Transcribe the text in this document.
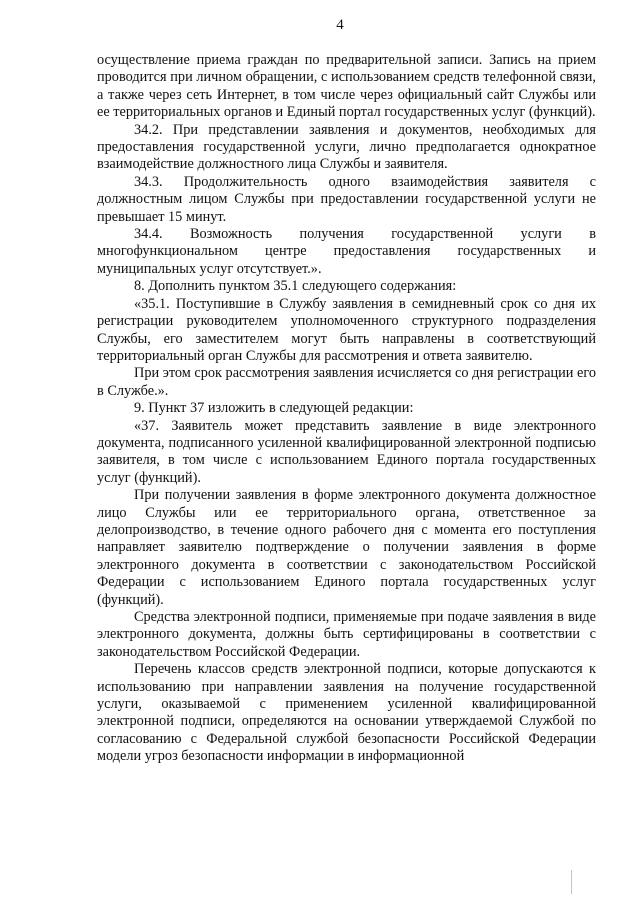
4

осуществление приема граждан по предварительной записи. Запись на прием проводится при личном обращении, с использованием средств телефонной связи, а также через сеть Интернет, в том числе через официальный сайт Службы или ее территориальных органов и Единый портал государственных услуг (функций).

34.2. При представлении заявления и документов, необходимых для предоставления государственной услуги, лично предполагается однократное взаимодействие должностного лица Службы и заявителя.

34.3. Продолжительность одного взаимодействия заявителя с должностным лицом Службы при предоставлении государственной услуги не превышает 15 минут.

34.4. Возможность получения государственной услуги в многофункциональном центре предоставления государственных и муниципальных услуг отсутствует.».

8. Дополнить пунктом 35.1 следующего содержания:

«35.1. Поступившие в Службу заявления в семидневный срок со дня их регистрации руководителем уполномоченного структурного подразделения Службы, его заместителем могут быть направлены в соответствующий территориальный орган Службы для рассмотрения и ответа заявителю.

При этом срок рассмотрения заявления исчисляется со дня регистрации его в Службе.».

9. Пункт 37 изложить в следующей редакции:

«37. Заявитель может представить заявление в виде электронного документа, подписанного усиленной квалифицированной электронной подписью заявителя, в том числе с использованием Единого портала государственных услуг (функций).

При получении заявления в форме электронного документа должностное лицо Службы или ее территориального органа, ответственное за делопроизводство, в течение одного рабочего дня с момента его поступления направляет заявителю подтверждение о получении заявления в форме электронного документа в соответствии с законодательством Российской Федерации с использованием Единого портала государственных услуг (функций).

Средства электронной подписи, применяемые при подаче заявления в виде электронного документа, должны быть сертифицированы в соответствии с законодательством Российской Федерации.

Перечень классов средств электронной подписи, которые допускаются к использованию при направлении заявления на получение государственной услуги, оказываемой с применением усиленной квалифицированной электронной подписи, определяются на основании утверждаемой Службой по согласованию с Федеральной службой безопасности Российской Федерации модели угроз безопасности информации в информационной
